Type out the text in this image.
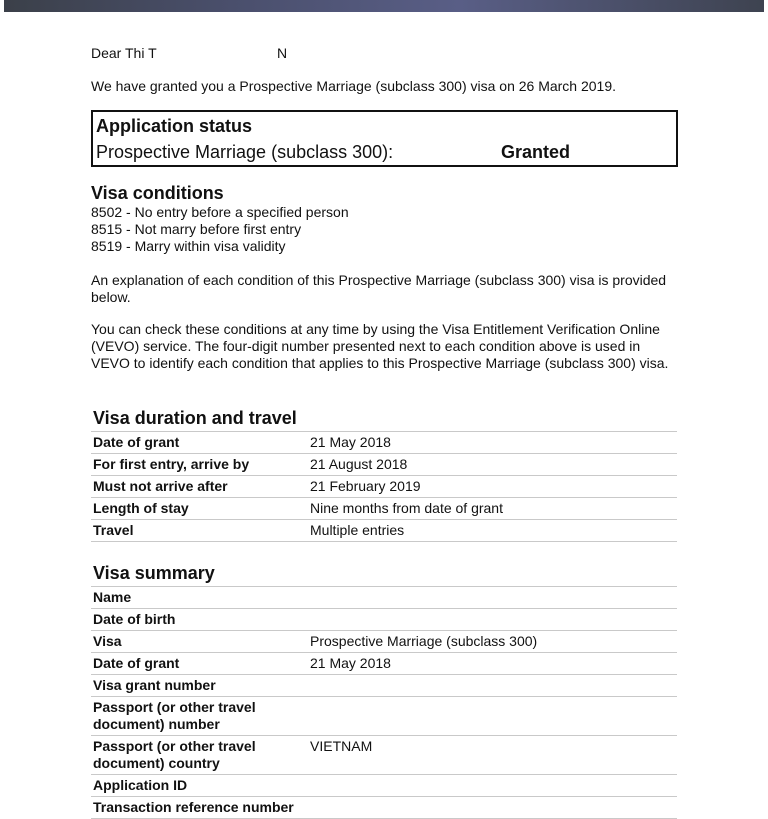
Dear Thi T	N
We have granted you a Prospective Marriage (subclass 300) visa on 26 March 2019.
Application status
Prospective Marriage (subclass 300):	Granted
Visa conditions
8502 - No entry before a specified person
8515 - Not marry before first entry
8519 - Marry within visa validity
An explanation of each condition of this Prospective Marriage (subclass 300) visa is provided below.
You can check these conditions at any time by using the Visa Entitlement Verification Online (VEVO) service. The four-digit number presented next to each condition above is used in VEVO to identify each condition that applies to this Prospective Marriage (subclass 300) visa.
Visa duration and travel
Date of grant	21 May 2018
For first entry, arrive by	21 August 2018
Must not arrive after	21 February 2019
Length of stay	Nine months from date of grant
Travel	Multiple entries
Visa summary
Name	
Date of birth	
Visa	Prospective Marriage (subclass 300)
Date of grant	21 May 2018
Visa grant number	
Passport (or other travel document) number	
Passport (or other travel document) country	VIETNAM
Application ID	
Transaction reference number	
